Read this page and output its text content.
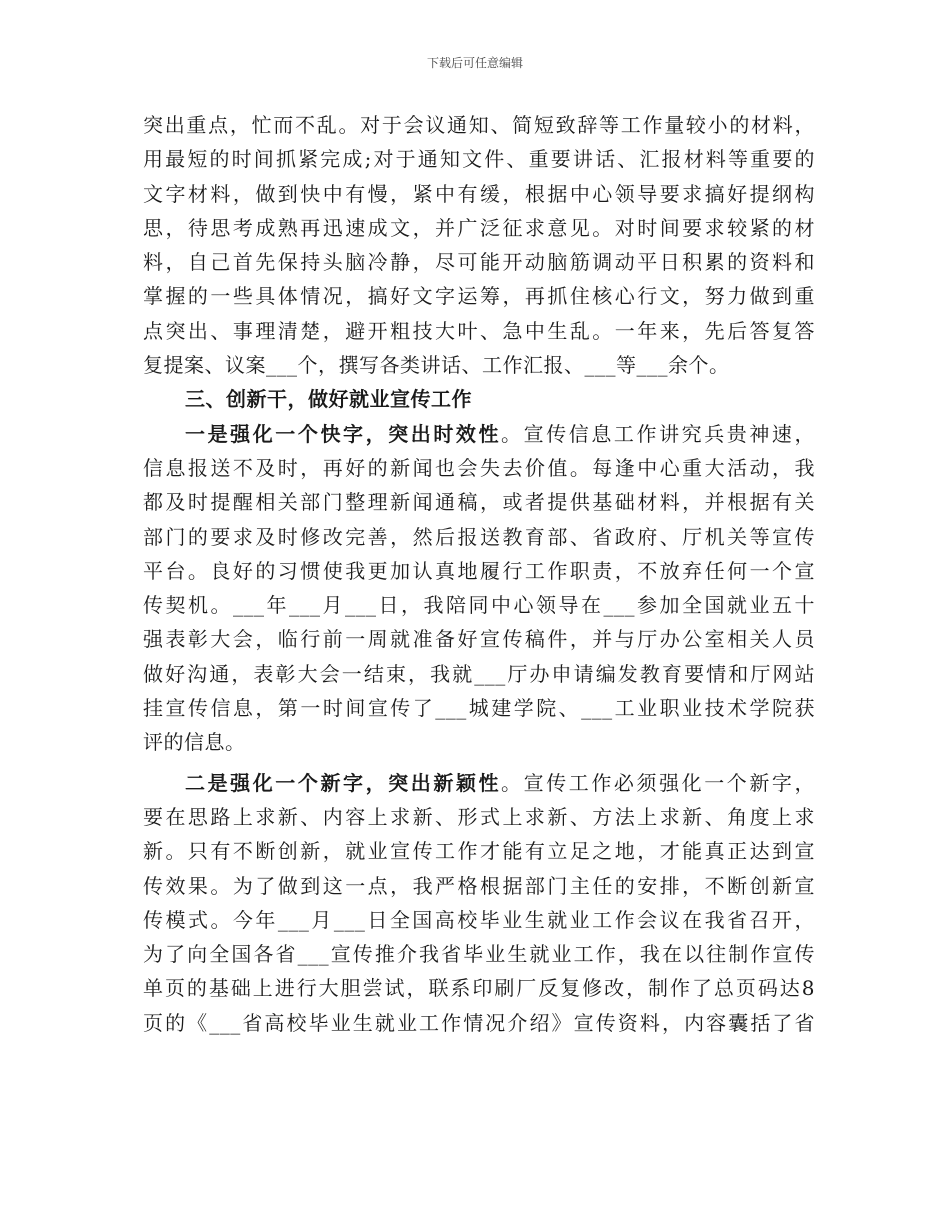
下载后可任意编辑
突出重点，忙而不乱。对于会议通知、简短致辞等工作量较小的材料，
用最短的时间抓紧完成;对于通知文件、重要讲话、汇报材料等重要的
文字材料，做到快中有慢，紧中有缓，根据中心领导要求搞好提纲构
思，待思考成熟再迅速成文，并广泛征求意见。对时间要求较紧的材
料，自己首先保持头脑冷静，尽可能开动脑筋调动平日积累的资料和
掌握的一些具体情况，搞好文字运筹，再抓住核心行文，努力做到重
点突出、事理清楚，避开粗技大叶、急中生乱。一年来，先后答复答
复提案、议案___个，撰写各类讲话、工作汇报、___等___余个。
三、创新干，做好就业宣传工作
一是强化一个快字，突出时效性。宣传信息工作讲究兵贵神速，
信息报送不及时，再好的新闻也会失去价值。每逢中心重大活动，我
都及时提醒相关部门整理新闻通稿，或者提供基础材料，并根据有关
部门的要求及时修改完善，然后报送教育部、省政府、厅机关等宣传
平台。良好的习惯使我更加认真地履行工作职责，不放弃任何一个宣
传契机。___年___月___日，我陪同中心领导在___参加全国就业五十
强表彰大会，临行前一周就准备好宣传稿件，并与厅办公室相关人员
做好沟通，表彰大会一结束，我就___厅办申请编发教育要情和厅网站
挂宣传信息，第一时间宣传了___城建学院、___工业职业技术学院获
评的信息。
二是强化一个新字，突出新颖性。宣传工作必须强化一个新字，
要在思路上求新、内容上求新、形式上求新、方法上求新、角度上求
新。只有不断创新，就业宣传工作才能有立足之地，才能真正达到宣
传效果。为了做到这一点，我严格根据部门主任的安排，不断创新宣
传模式。今年___月___日全国高校毕业生就业工作会议在我省召开，
为了向全国各省___宣传推介我省毕业生就业工作，我在以往制作宣传
单页的基础上进行大胆尝试，联系印刷厂反复修改，制作了总页码达8
页的《___省高校毕业生就业工作情况介绍》宣传资料，内容囊括了省
